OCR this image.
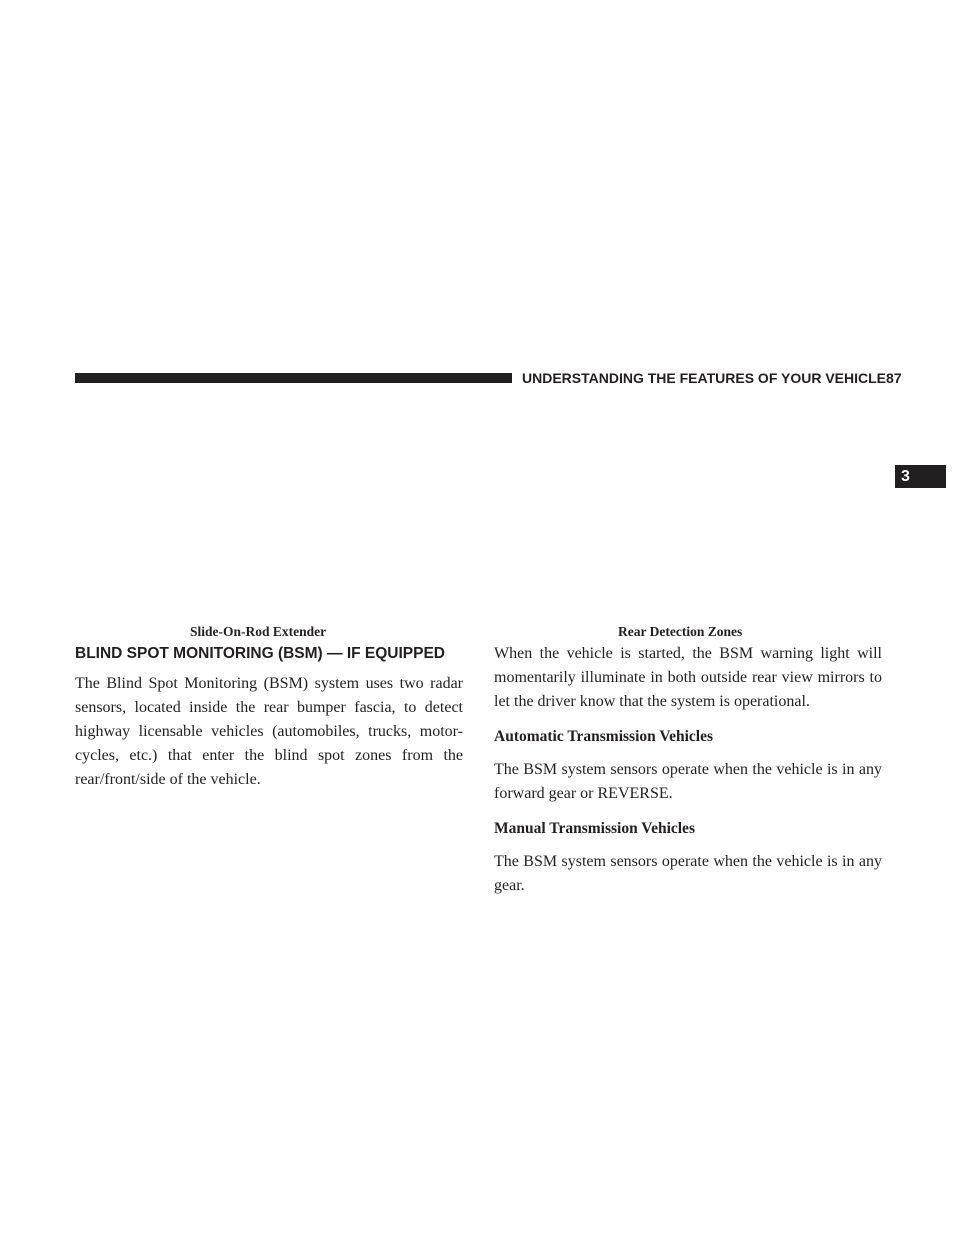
UNDERSTANDING THE FEATURES OF YOUR VEHICLE 87
3
Slide-On-Rod Extender	Rear Detection Zones
BLIND SPOT MONITORING (BSM) — IF EQUIPPED

The Blind Spot Monitoring (BSM) system uses two radar sensors, located inside the rear bumper fascia, to detect highway licensable vehicles (automobiles, trucks, motor-cycles, etc.) that enter the blind spot zones from the rear/front/side of the vehicle.

When the vehicle is started, the BSM warning light will momentarily illuminate in both outside rear view mirrors to let the driver know that the system is operational.

Automatic Transmission Vehicles

The BSM system sensors operate when the vehicle is in any forward gear or REVERSE.

Manual Transmission Vehicles

The BSM system sensors operate when the vehicle is in any gear.
